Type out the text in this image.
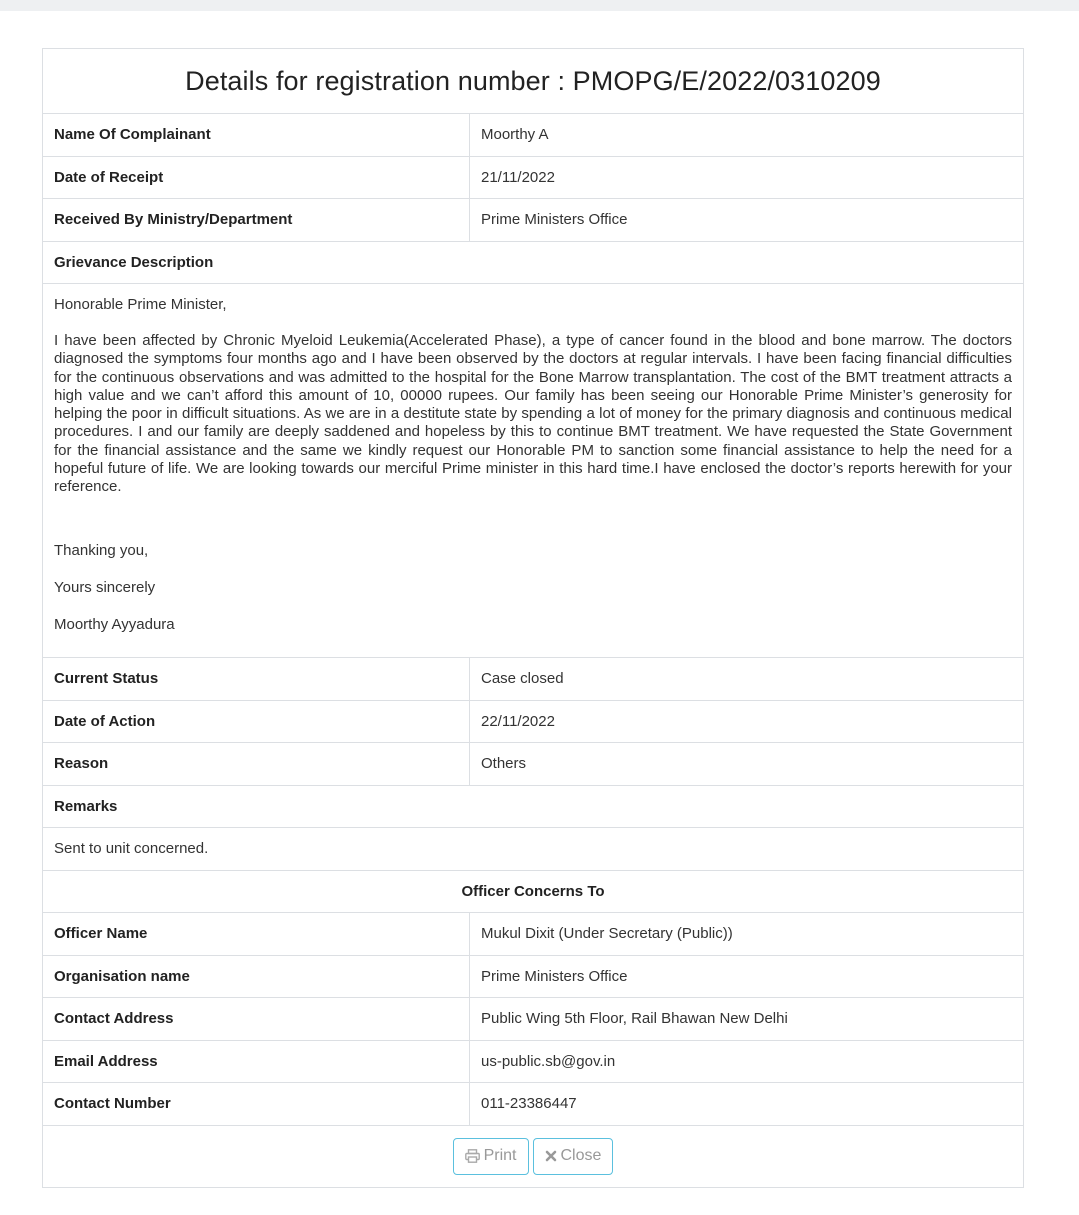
Details for registration number : PMOPG/E/2022/0310209
Name Of Complainant	Moorthy A
Date of Receipt	21/11/2022
Received By Ministry/Department	Prime Ministers Office
Grievance Description

Honorable Prime Minister,

I have been affected by Chronic Myeloid Leukemia(Accelerated Phase), a type of cancer found in the blood and bone marrow. The doctors diagnosed the symptoms four months ago and I have been observed by the doctors at regular intervals. I have been facing financial difficulties for the continuous observations and was admitted to the hospital for the Bone Marrow transplantation. The cost of the BMT treatment attracts a high value and we can’t afford this amount of 10, 00000 rupees. Our family has been seeing our Honorable Prime Minister’s generosity for helping the poor in difficult situations. As we are in a destitute state by spending a lot of money for the primary diagnosis and continuous medical procedures. I and our family are deeply saddened and hopeless by this to continue BMT treatment. We have requested the State Government for the financial assistance and the same we kindly request our Honorable PM to sanction some financial assistance to help the need for a hopeful future of life. We are looking towards our merciful Prime minister in this hard time.I have enclosed the doctor’s reports herewith for your reference.

Thanking you,

Yours sincerely

Moorthy Ayyadura

Current Status	Case closed
Date of Action	22/11/2022
Reason	Others
Remarks
Sent to unit concerned.
Officer Concerns To
Officer Name	Mukul Dixit (Under Secretary (Public))
Organisation name	Prime Ministers Office
Contact Address	Public Wing 5th Floor, Rail Bhawan New Delhi
Email Address	us-public.sb@gov.in
Contact Number	011-23386447
Print	Close
